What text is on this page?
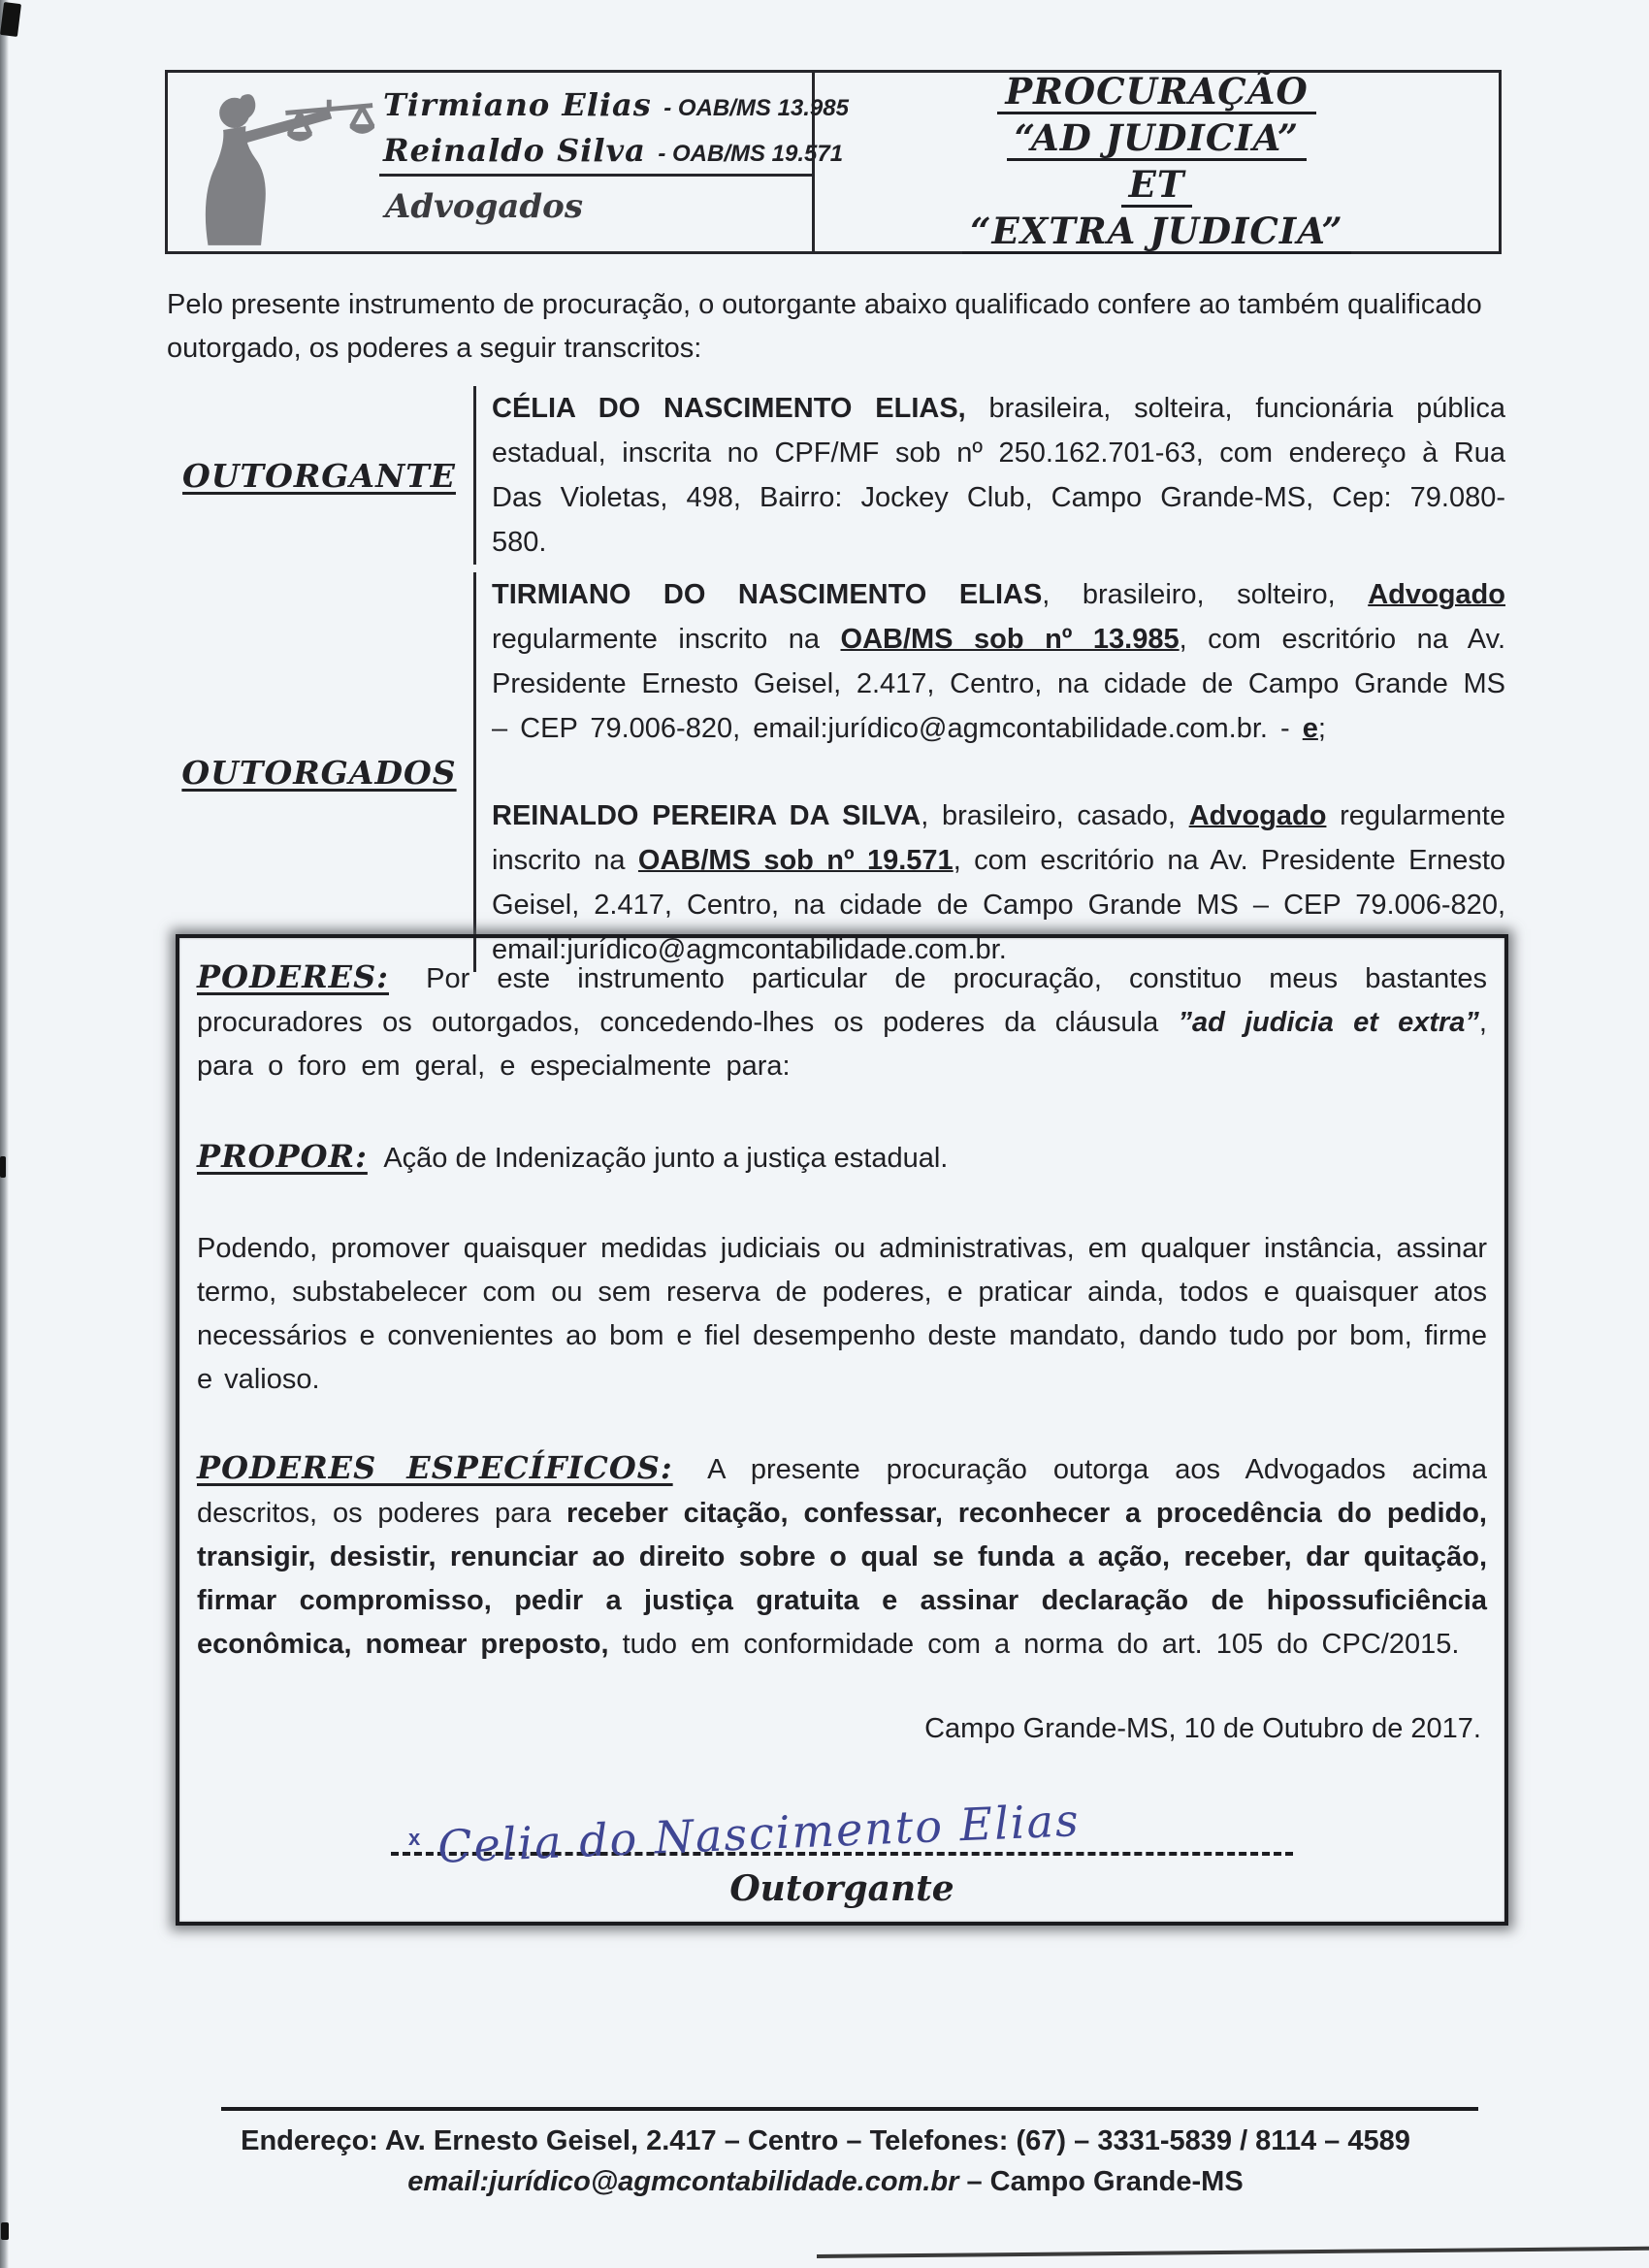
Tirmiano Elias - OAB/MS 13.985
Reinaldo Silva - OAB/MS 19.571
Advogados
PROCURAÇÃO
“AD JUDICIA”
ET
“EXTRA JUDICIA”

Pelo presente instrumento de procuração, o outorgante abaixo qualificado confere ao também qualificado outorgado, os poderes a seguir transcritos:

OUTORGANTE

CÉLIA DO NASCIMENTO ELIAS, brasileira, solteira, funcionária pública estadual, inscrita no CPF/MF sob nº 250.162.701-63, com endereço à Rua Das Violetas, 498, Bairro: Jockey Club, Campo Grande-MS, Cep: 79.080-580.

OUTORGADOS

TIRMIANO DO NASCIMENTO ELIAS, brasileiro, solteiro, Advogado regularmente inscrito na OAB/MS sob nº 13.985, com escritório na Av. Presidente Ernesto Geisel, 2.417, Centro, na cidade de Campo Grande MS – CEP 79.006-820, email:jurídico@agmcontabilidade.com.br. - e;

REINALDO PEREIRA DA SILVA, brasileiro, casado, Advogado regularmente inscrito na OAB/MS sob nº 19.571, com escritório na Av. Presidente Ernesto Geisel, 2.417, Centro, na cidade de Campo Grande MS – CEP 79.006-820, email:jurídico@agmcontabilidade.com.br.

PODERES: Por este instrumento particular de procuração, constituo meus bastantes procuradores os outorgados, concedendo-lhes os poderes da cláusula ”ad judicia et extra”, para o foro em geral, e especialmente para:

PROPOR: Ação de Indenização junto a justiça estadual.

Podendo, promover quaisquer medidas judiciais ou administrativas, em qualquer instância, assinar termo, substabelecer com ou sem reserva de poderes, e praticar ainda, todos e quaisquer atos necessários e convenientes ao bom e fiel desempenho deste mandato, dando tudo por bom, firme e valioso.

PODERES ESPECÍFICOS: A presente procuração outorga aos Advogados acima descritos, os poderes para receber citação, confessar, reconhecer a procedência do pedido, transigir, desistir, renunciar ao direito sobre o qual se funda a ação, receber, dar quitação, firmar compromisso, pedir a justiça gratuita e assinar declaração de hipossuficiência econômica, nomear preposto, tudo em conformidade com a norma do art. 105 do CPC/2015.

Campo Grande-MS, 10 de Outubro de 2017.

x Celia do Nascimento Elias
Outorgante
Endereço: Av. Ernesto Geisel, 2.417 – Centro – Telefones: (67) – 3331-5839 / 8114 – 4589
email:jurídico@agmcontabilidade.com.br – Campo Grande-MS
